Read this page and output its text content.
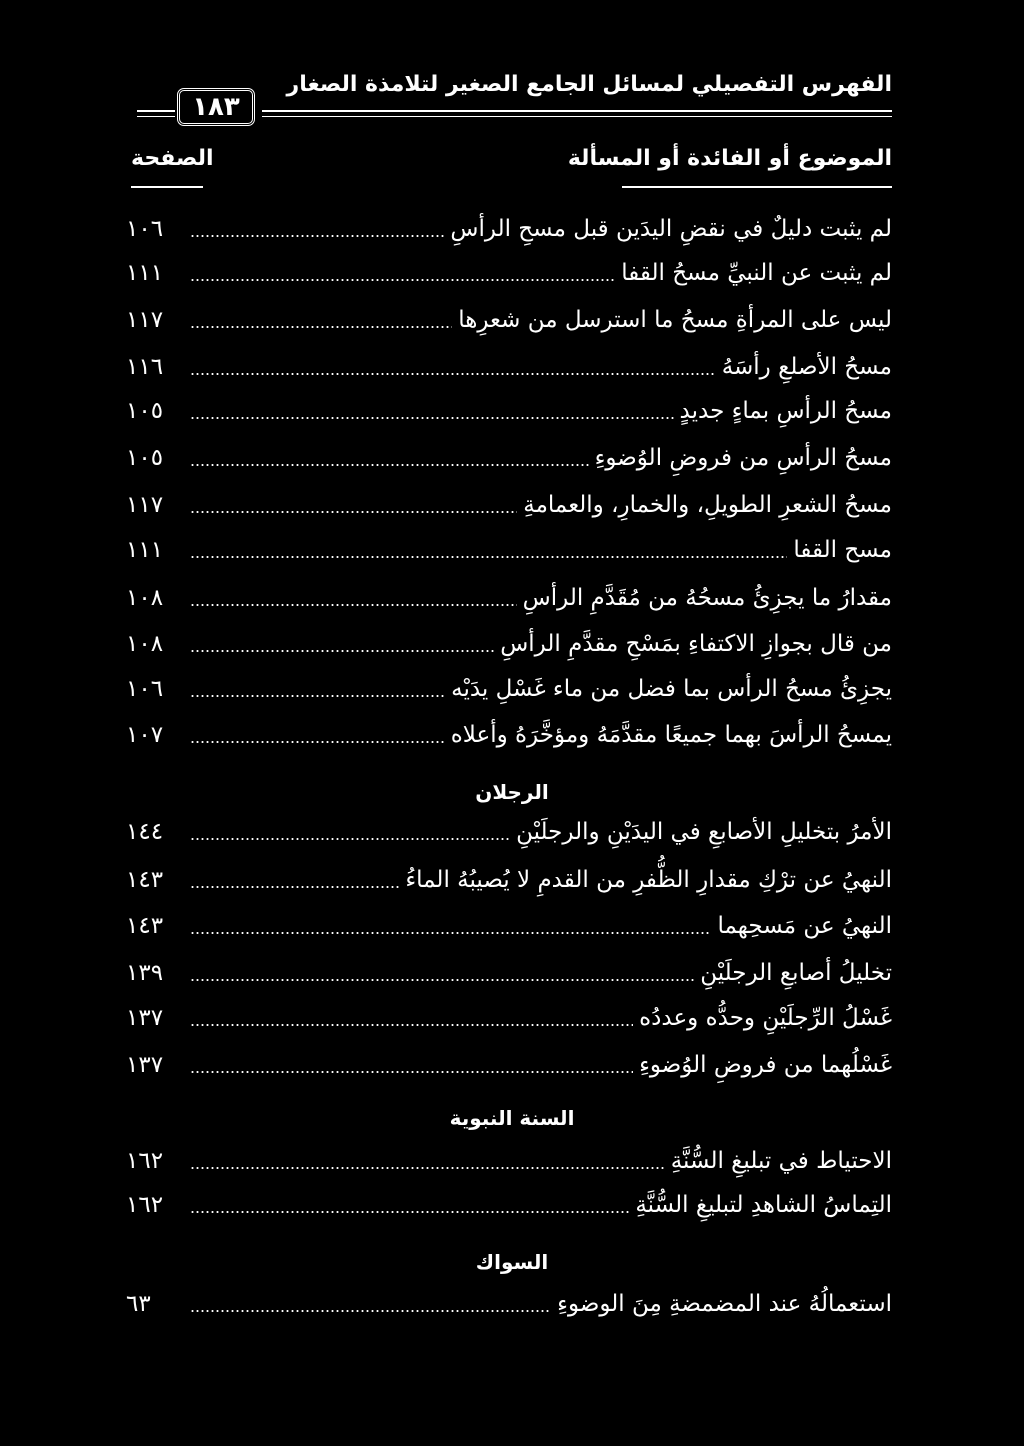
الفهرس التفصيلي لمسائل الجامع الصغير لتلامذة الصغار
١٨٣
الموضوع أو الفائدة أو المسألة
الصفحة
لم يثبت دليلٌ في نقضِ اليدَين قبل مسحِ الرأسِ
١٠٦
لم يثبت عن النبيِّ مسحُ القفا
١١١
ليس على المرأةِ مسحُ ما استرسل من شعرِها
١١٧
مسحُ الأصلعِ رأسَهُ
١١٦
مسحُ الرأسِ بماءٍ جديدٍ
١٠٥
مسحُ الرأسِ من فروضِ الوُضوءِ
١٠٥
مسحُ الشعرِ الطويلِ، والخمارِ، والعمامةِ
١١٧
مسح القفا
١١١
مقدارُ ما يجزِئُ مسحُهُ من مُقَدَّمِ الرأسِ
١٠٨
من قال بجوازِ الاكتفاءِ بمَسْحِ مقدَّمِ الرأسِ
١٠٨
يجزِئُ مسحُ الرأس بما فضل من ماء غَسْلِ يدَيْه
١٠٦
يمسحُ الرأسَ بهما جميعًا مقدَّمَهُ ومؤخَّرَهُ وأعلاه
١٠٧
الرجلان
الأمرُ بتخليلِ الأصابعِ في اليدَيْنِ والرجلَيْنِ
١٤٤
النهيُ عن ترْكِ مقدارِ الظُّفرِ من القدمِ لا يُصيبُهُ الماءُ
١٤٣
النهيُ عن مَسحِهما
١٤٣
تخليلُ أصابعِ الرجلَيْنِ
١٣٩
غَسْلُ الرِّجلَيْنِ وحدُّه وعددُه
١٣٧
غَسْلُهما من فروضِ الوُضوءِ
١٣٧
السنة النبوية
الاحتياط في تبليغِ السُّنَّةِ
١٦٢
التِماسُ الشاهدِ لتبليغِ السُّنَّةِ
١٦٢
السواك
استعمالُهُ عند المضمضةِ مِنَ الوضوءِ
٦٣
